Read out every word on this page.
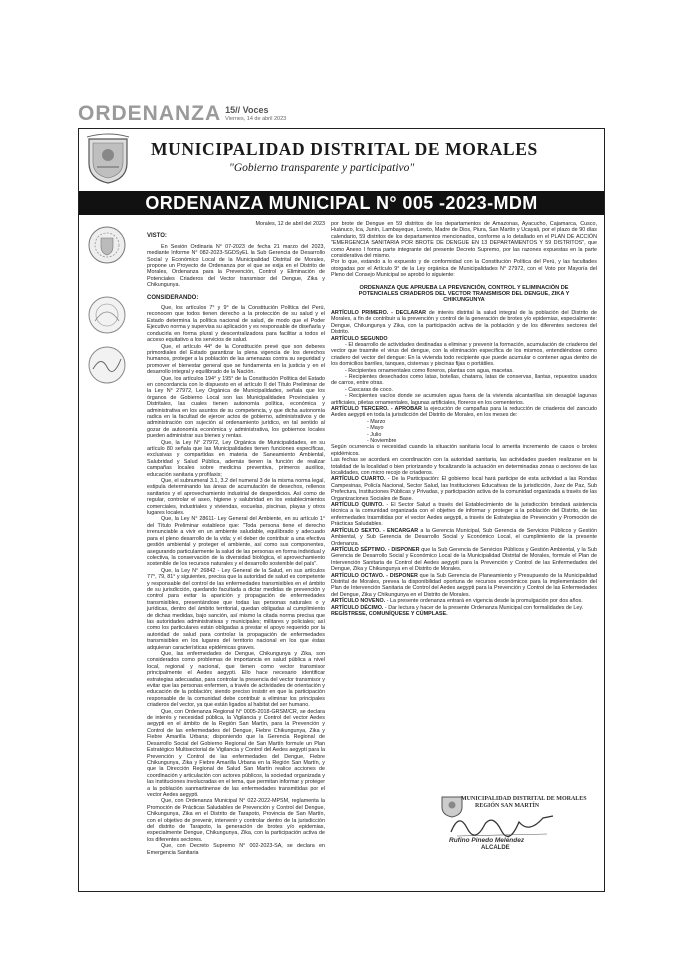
ORDENANZA 15// Voces
Viernes, 14 de abril 2023
MUNICIPALIDAD DISTRITAL DE MORALES
"Gobierno transparente y participativo"
ORDENANZA MUNICIPAL N° 005 -2023-MDM
Morales, 12 de abril del 2023
VISTO:

En Sesión Ordinaria N° 07-2023 de fecha 21 marzo del 2023, mediante Informe N° 082-2023-SGDSyEL la Sub Gerencia de Desarrollo Social y Económico Local de la Municipalidad Distrital de Morales, propone un Proyecto de Ordenanza por el que se exija en el Distrito de Morales, Ordenanza para la Prevención, Control y Eliminación de Potenciales Criaderos del Vector transmisor del Dengue, Zika y Chikungunya.

CONSIDERANDO:

Que, los artículos 7° y 9° de la Constitución Política del Perú, reconocen que todos tienen derecho a la protección de su salud y el Estado determina la política nacional de salud, de modo que el Poder Ejecutivo norma y supervisa su aplicación y es responsable de diseñarla y conducirla en forma plural y descentralizadora para facilitar a todos el acceso equitativo a los servicios de salud.

Que, el artículo 44° de la Constitución prevé que son deberes primordiales del Estado garantizar la plena vigencia de los derechos humanos, proteger a la población de las amenazas contra su seguridad y promover el bienestar general que se fundamenta en la justicia y en el desarrollo integral y equilibrado de la Nación.

Que, los artículos 194° y 195° de la Constitución Política del Estado en concordancia con lo dispuesto en el artículo II del Título Preliminar de la Ley N° 27972, Ley Orgánica de Municipalidades, señala que los órganos de Gobierno Local son las Municipalidades Provinciales y Distritales, las cuales tienen autonomía política, económica y administrativa en los asuntos de su competencia, y que dicha autonomía radica en la facultad de ejercer actos de gobierno, administrativos y de administración con sujeción al ordenamiento jurídico, en tal sentido al gozar de autonomía económica y administrativa, los gobiernos locales pueden administrar sus bienes y rentas.

Que, la Ley N° 27972, Ley Orgánica de Municipalidades, en su artículo 80 señala que las Municipalidades tienen funciones específicas, exclusivas y compartidas en materia de Saneamiento Ambiental, Salubridad y Salud Pública, además tienen la función de realizar campañas locales sobre medicina preventiva, primeros auxilios, educación sanitaria y profilaxis;

Que, el subnumeral 3.1, 3.2 del numeral 3 de la misma norma legal, estipula determinando las áreas de acumulación de desechos, rellenos sanitarios y el aprovechamiento industrial de desperdicios. Así como de regular, controlar el aseo, higiene y salubridad en los establecimientos comerciales, industriales y viviendas, escuelas, piscinas, playas y otros lugares locales.

Que, la Ley N° 28611- Ley General del Ambiente, en su artículo 1° del Título Preliminar establece que: "Toda persona tiene el derecho irrenunciable a vivir en un ambiente saludable, equilibrado y adecuado para el pleno desarrollo de la vida; y el deber de contribuir a una efectiva gestión ambiental y proteger el ambiente, así como sus componentes, asegurando particularmente la salud de las personas en forma individual y colectiva, la conservación de la diversidad biológica, el aprovechamiento sostenible de los recursos naturales y el desarrollo sostenible del país".

Que, la Ley N° 26842 - Ley General de la Salud, en sus artículos 77°, 79, 81° y siguientes, precisa que la autoridad de salud es competente y responsable del control de las enfermedades transmisibles en el ámbito de su jurisdicción, quedando facultada a dictar medidas de prevención y control para evitar la aparición y propagación de enfermedades transmisibles, presentándose que todas las personas naturales o y jurídicas, dentro del ámbito territorial, quedan obligadas al cumplimiento de dichas medidas, bajo sanción, así mismo la citada norma precisa que las autoridades administrativas y municipales; militares y policiales; así como los particulares están obligadas a prestar el apoyo requerido por la autoridad de salud para controlar la propagación de enfermedades transmisibles en los lugares del territorio nacional en los que éstas adquieran características epidémicas graves.

Que, las enfermedades de Dengue, Chikungunya y Zika, son considerados como problemas de importancia en salud pública a nivel local, regional y nacional, que tienen como vector transmisor principalmente el Aedes aegypti. Ello hace necesario identificar estrategias adecuadas, para controlar la presencia del vector transmisor y evitar que las personas enfermen, a través de actividades de orientación y educación de la población; siendo preciso insistir en que la participación responsable de la comunidad debe contribuir a eliminar los principales criaderos del vector, ya que están ligados al habitat del ser humano.

Que, con Ordenanza Regional N° 0005-2018-GRSM/CR, se declara de interés y necesidad pública, la Vigilancia y Control del vector Aedes aegypti en el ámbito de la Región San Martín, para la Prevención y Control de las enfermedades del Dengue, Fiebre Chikungunya, Zika y Fiebre Amarilla Urbana; disponiendo que la Gerencia Regional de Desarrollo Social del Gobierno Regional de San Martín formule un Plan Estratégico Multisectorial de Vigilancia y Control del Aedes aegypti para la Prevención y Control de las enfermedades del Dengue, Fiebre Chikungunya, Zika y Fiebre Amarilla Urbana en la Región San Martín, y que la Dirección Regional de Salud San Martín realice acciones de coordinación y articulación con actores públicos, la sociedad organizada y las instituciones involucradas en el tema, que permitan informar y proteger a la población sanmartinense de las enfermedades transmitidas por el vector Aedes aegypti.

Que, con Ordenanza Municipal N° 022-2022-MPSM, reglamenta la Promoción de Prácticas Saludables de Prevención y Control del Dengue, Chikungunya, Zika en el Distrito de Tarapoto, Provincia de San Martín, con el objetivo de prevenir, intervenir y controlar dentro de la jurisdicción del distrito de Tarapoto, la generación de brotes y/o epidemias, especialmente Dengue, Chikungunya, Zika, con la participación activa de los diferentes sectores.

Que, con Decreto Supremo N° 002-2023-SA, se declara en Emergencia Sanitaria

por brote de Dengue en 59 distritos de los departamentos de Amazonas, Ayacucho, Cajamarca, Cusco, Huánuco, Ica, Junín, Lambayeque, Loreto, Madre de Dios, Piura, San Martín y Ucayali, por el plazo de 90 días calendario, 59 distritos de los departamentos mencionados, conforme a lo detallado en el PLAN DE ACCIÓN "EMERGENCIA SANITARIA POR BROTE DE DENGUE EN 13 DEPARTAMENTOS Y 59 DISTRITOS", que como Anexo I forma parte integrante del presente Decreto Supremo, por las razones expuestas en la parte considerativa del mismo.

Por lo que, estando a lo expuesto y de conformidad con la Constitución Política del Perú, y las facultades otorgadas por el Artículo 9° de la Ley orgánica de Municipalidades N° 27972, con el Voto por Mayoría del Pleno del Consejo Municipal se aprobó lo siguiente:

ORDENANZA QUE APRUEBA LA PREVENCIÓN, CONTROL Y ELIMINACIÓN DE POTENCIALES CRIADEROS DEL VECTOR TRANSMISOR DEL DENGUE, ZIKA Y CHIKUNGUNYA

ARTÍCULO PRIMERO. - DECLARAR de interés distrital la salud integral de la población del Distrito de Morales, a fin de contribuir a la prevención y control de la generación de brotes y/o epidemias, especialmente: Dengue, Chikungunya y Zika, con la participación activa de la población y de los diferentes sectores del Distrito.

ARTÍCULO SEGUNDO

- El desarrollo de actividades destinadas a eliminar y prevenir la formación, acumulación de criaderos del vector que trasmite el virus del dengue, con la eliminación específica de los mismos, entendiéndose como criadero del vector del dengue: En la vivienda todo recipiente que puede acumular o contener agua dentro de los domicilios barriles, tanques, cisternas y piscinas fijas o portátiles.

- Recipientes ornamentales como floreros, plantas con agua, macetas.

- Recipientes desechados como latas, botellas, chatarra, latas de conservas, llantas, repuestos usados de carros, entre otras.

- Cascaras de coco.

- Recipientes vacíos donde se acumulen agua fuera de la vivienda alcantarillas sin desagüé lagunas artificiales, piletas ornamentales, lagunas artificiales, floreros en los cementerios.

ARTÍCULO TERCERO. - APROBAR la ejecución de campañas para la reducción de criaderos del zancudo Aedes aegypti en toda la jurisdicción del Distrito de Morales, en los meses de:

- Marzo

- Mayo

- Julio

- Noviembre

Según ocurrencia o necesidad cuando la situación sanitaria local lo amerita incremento de casos o brotes epidémicos.

Las fechas se acordará en coordinación con la autoridad sanitaria, las actividades pueden realizarse en la totalidad de la localidad o bien priorizando y focalizando la actuación en determinadas zonas o sectores de las localidades, con micro recojo de criaderos.

ARTÍCULO CUARTO. - De la Participación: El gobierno local hará participe de esta actividad a las Rondas Campesinas, Policía Nacional, Sector Salud, las Instituciones Educativas de la jurisdicción, Juez de Paz, Sub Prefectura, Instituciones Públicas y Privadas, y participación activa de la comunidad organizada a través de las Organizaciones Sociales de Base.

ARTÍCULO QUINTO. - El Sector Salud a través del Establecimiento de la jurisdicción brindará asistencia técnica a la comunidad organizada con el objetivo de informar y proteger a la población del Distrito, de las enfermedades trasmitidas por el vector Aedes aegypti, a través de Estrategias de Prevención y Promoción de Prácticas Saludables.

ARTÍCULO SEXTO. - ENCARGAR a la Gerencia Municipal, Sub Gerencia de Servicios Públicos y Gestión Ambiental, y Sub Gerencia de Desarrollo Social y Económico Local, el cumplimiento de la presente Ordenanza.

ARTÍCULO SÉPTIMO. - DISPONER que la Sub Gerencia de Servicios Públicos y Gestión Ambiental, y la Sub Gerencia de Desarrollo Social y Económico Local de la Municipalidad Distrital de Morales, formule el Plan de Intervención Sanitaria de Control del Aedes aegypti para la Prevención y Control de las Enfermedades del Dengue, Zika y Chikungunya en el Distrito de Morales.

ARTÍCULO OCTAVO. - DISPONER que la Sub Gerencia de Planeamiento y Presupuesto de la Municipalidad Distrital de Morales, prevea la disponibilidad oportuna de recursos económicos para la implementación del Plan de Intervención Sanitaria de Control del Aedes aegypti para la Prevención y Control de las Enfermedades del Dengue, Zika y Chikungunya en el Distrito de Morales.

ARTÍCULO NOVENO. - La presente ordenanza entrará en vigencia desde la promulgación por dos años.

ARTÍCULO DÉCIMO. - Dar lectura y hacer de la presente Ordenanza Municipal con formalidades de Ley.

REGÍSTRESE, COMUNÍQUESE Y CÚMPLASE.

MUNICIPALIDAD DISTRITAL DE MORALES
REGIÓN SAN MARTÍN
Rufino Pinedo Meléndez
ALCALDE
